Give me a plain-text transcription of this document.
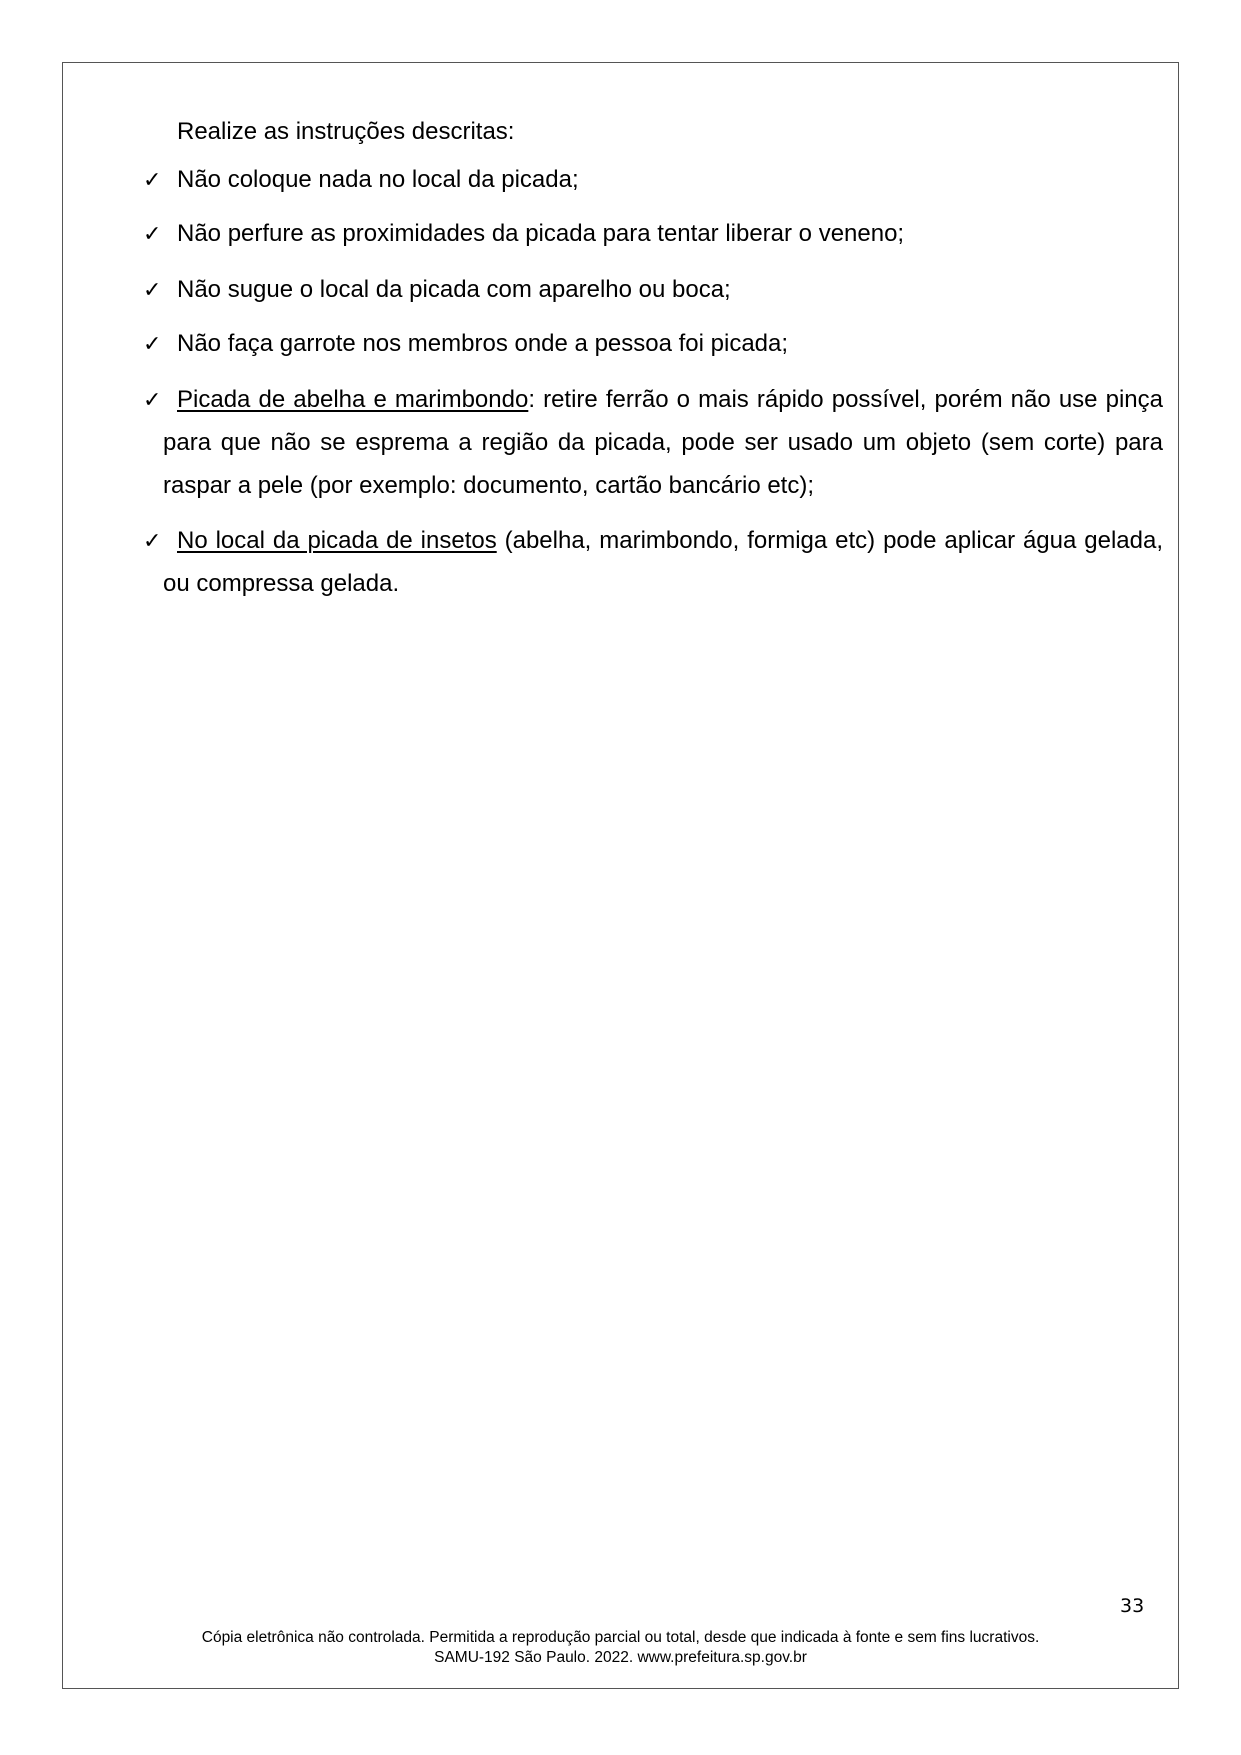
Realize as instruções descritas:
✓ Não coloque nada no local da picada;
✓ Não perfure as proximidades da picada para tentar liberar o veneno;
✓ Não sugue o local da picada com aparelho ou boca;
✓ Não faça garrote nos membros onde a pessoa foi picada;
✓ Picada de abelha e marimbondo: retire ferrão o mais rápido possível, porém não use pinça para que não se esprema a região da picada, pode ser usado um objeto (sem corte) para raspar a pele (por exemplo: documento, cartão bancário etc);
✓ No local da picada de insetos (abelha, marimbondo, formiga etc) pode aplicar água gelada, ou compressa gelada.
33
Cópia eletrônica não controlada. Permitida a reprodução parcial ou total, desde que indicada à fonte e sem fins lucrativos.
SAMU-192 São Paulo. 2022. www.prefeitura.sp.gov.br
